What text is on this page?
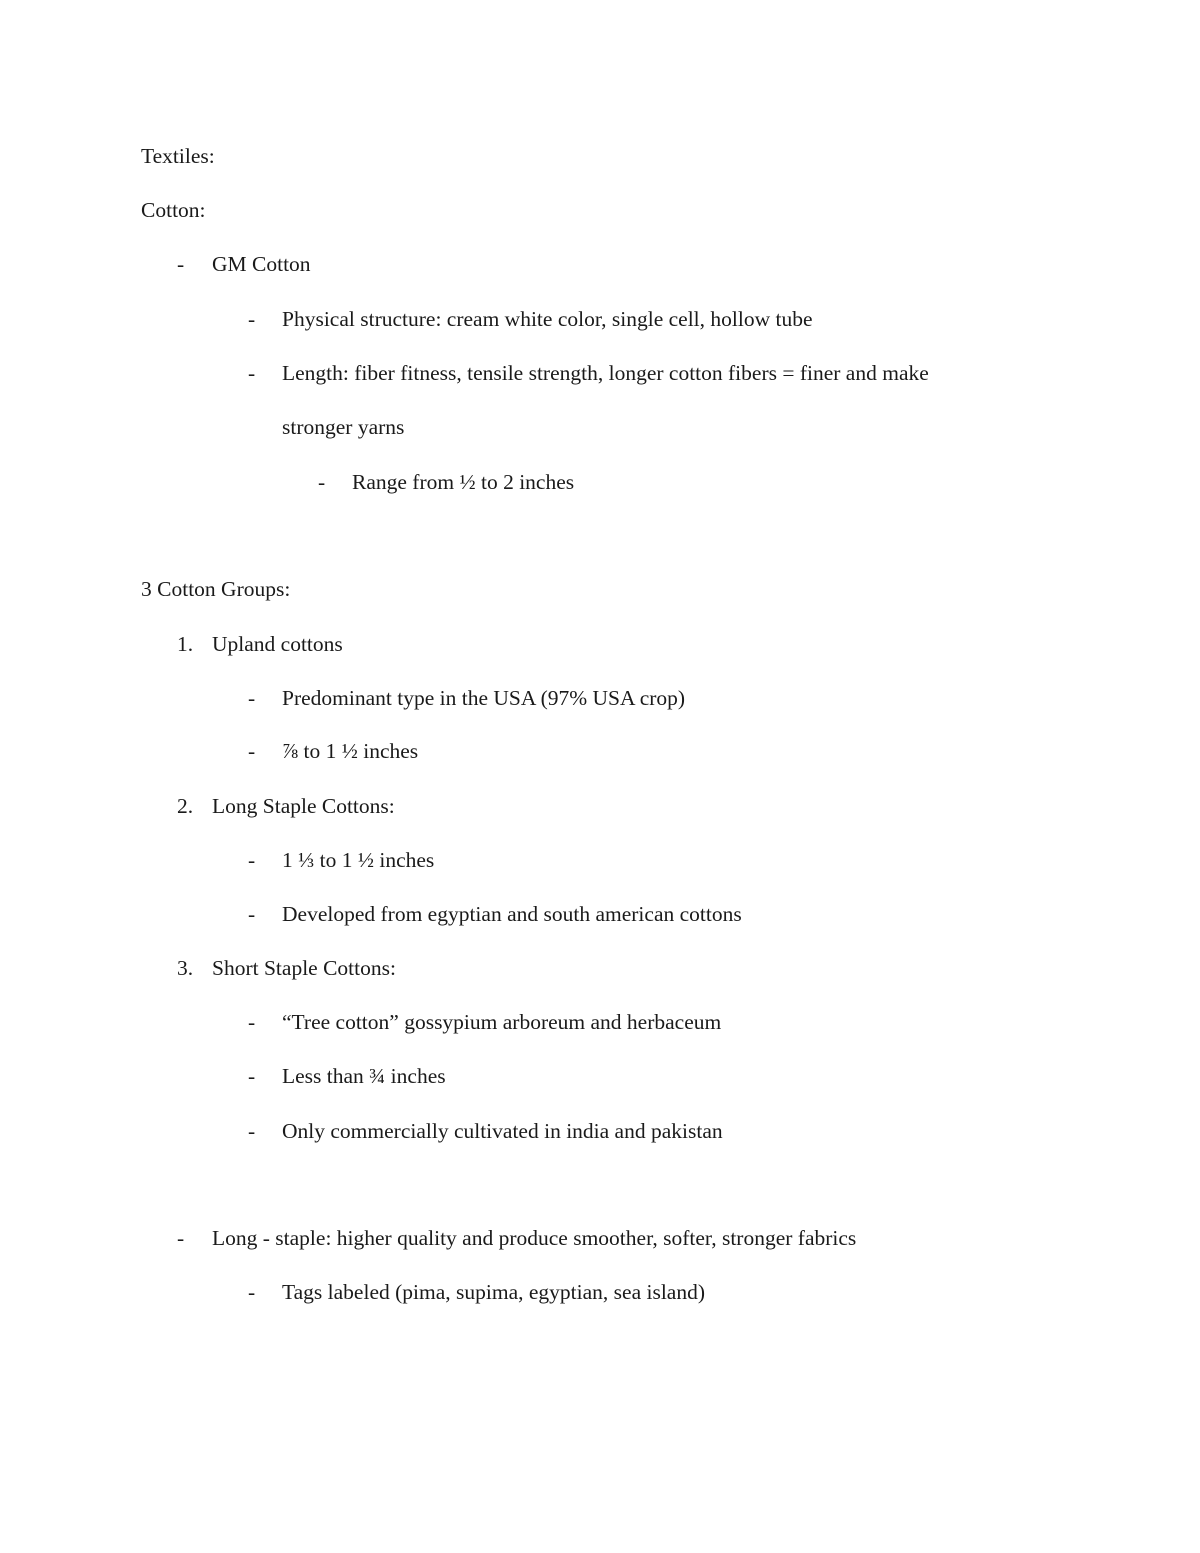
Textiles:
Cotton:
- GM Cotton
- Physical structure: cream white color, single cell, hollow tube
- Length: fiber fitness, tensile strength, longer cotton fibers = finer and make
stronger yarns
- Range from ½ to 2 inches
3 Cotton Groups:
1. Upland cottons
- Predominant type in the USA (97% USA crop)
- ⅞ to 1 ½ inches
2. Long Staple Cottons:
- 1 ⅓ to 1 ½ inches
- Developed from egyptian and south american cottons
3. Short Staple Cottons:
- “Tree cotton” gossypium arboreum and herbaceum
- Less than ¾ inches
- Only commercially cultivated in india and pakistan
- Long - staple: higher quality and produce smoother, softer, stronger fabrics
- Tags labeled (pima, supima, egyptian, sea island)
